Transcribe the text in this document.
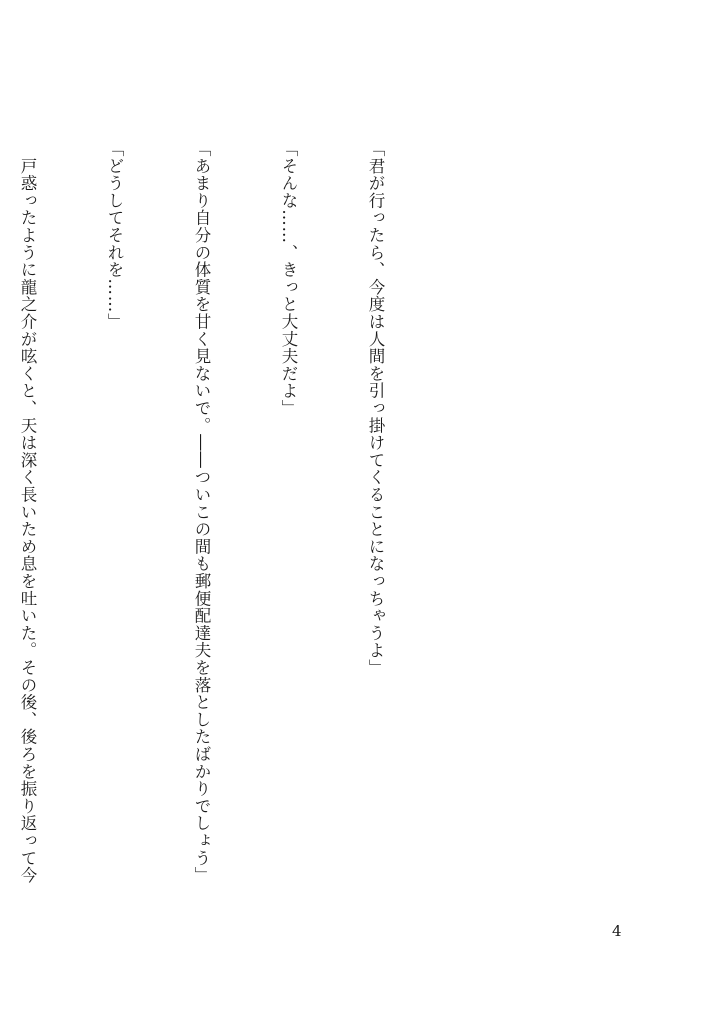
「君が行ったら、今度は人間を引っ掛けてくることになっちゃうよ」

「そんな……、きっと大丈夫だよ」

「あまり自分の体質を甘く見ないで。――ついこの間も郵便配達夫を落としたばかりでしょう」

「どうしてそれを……」

　戸惑ったように龍之介が呟くと、天は深く長いため息を吐いた。その後、後ろを振り返って今

4
